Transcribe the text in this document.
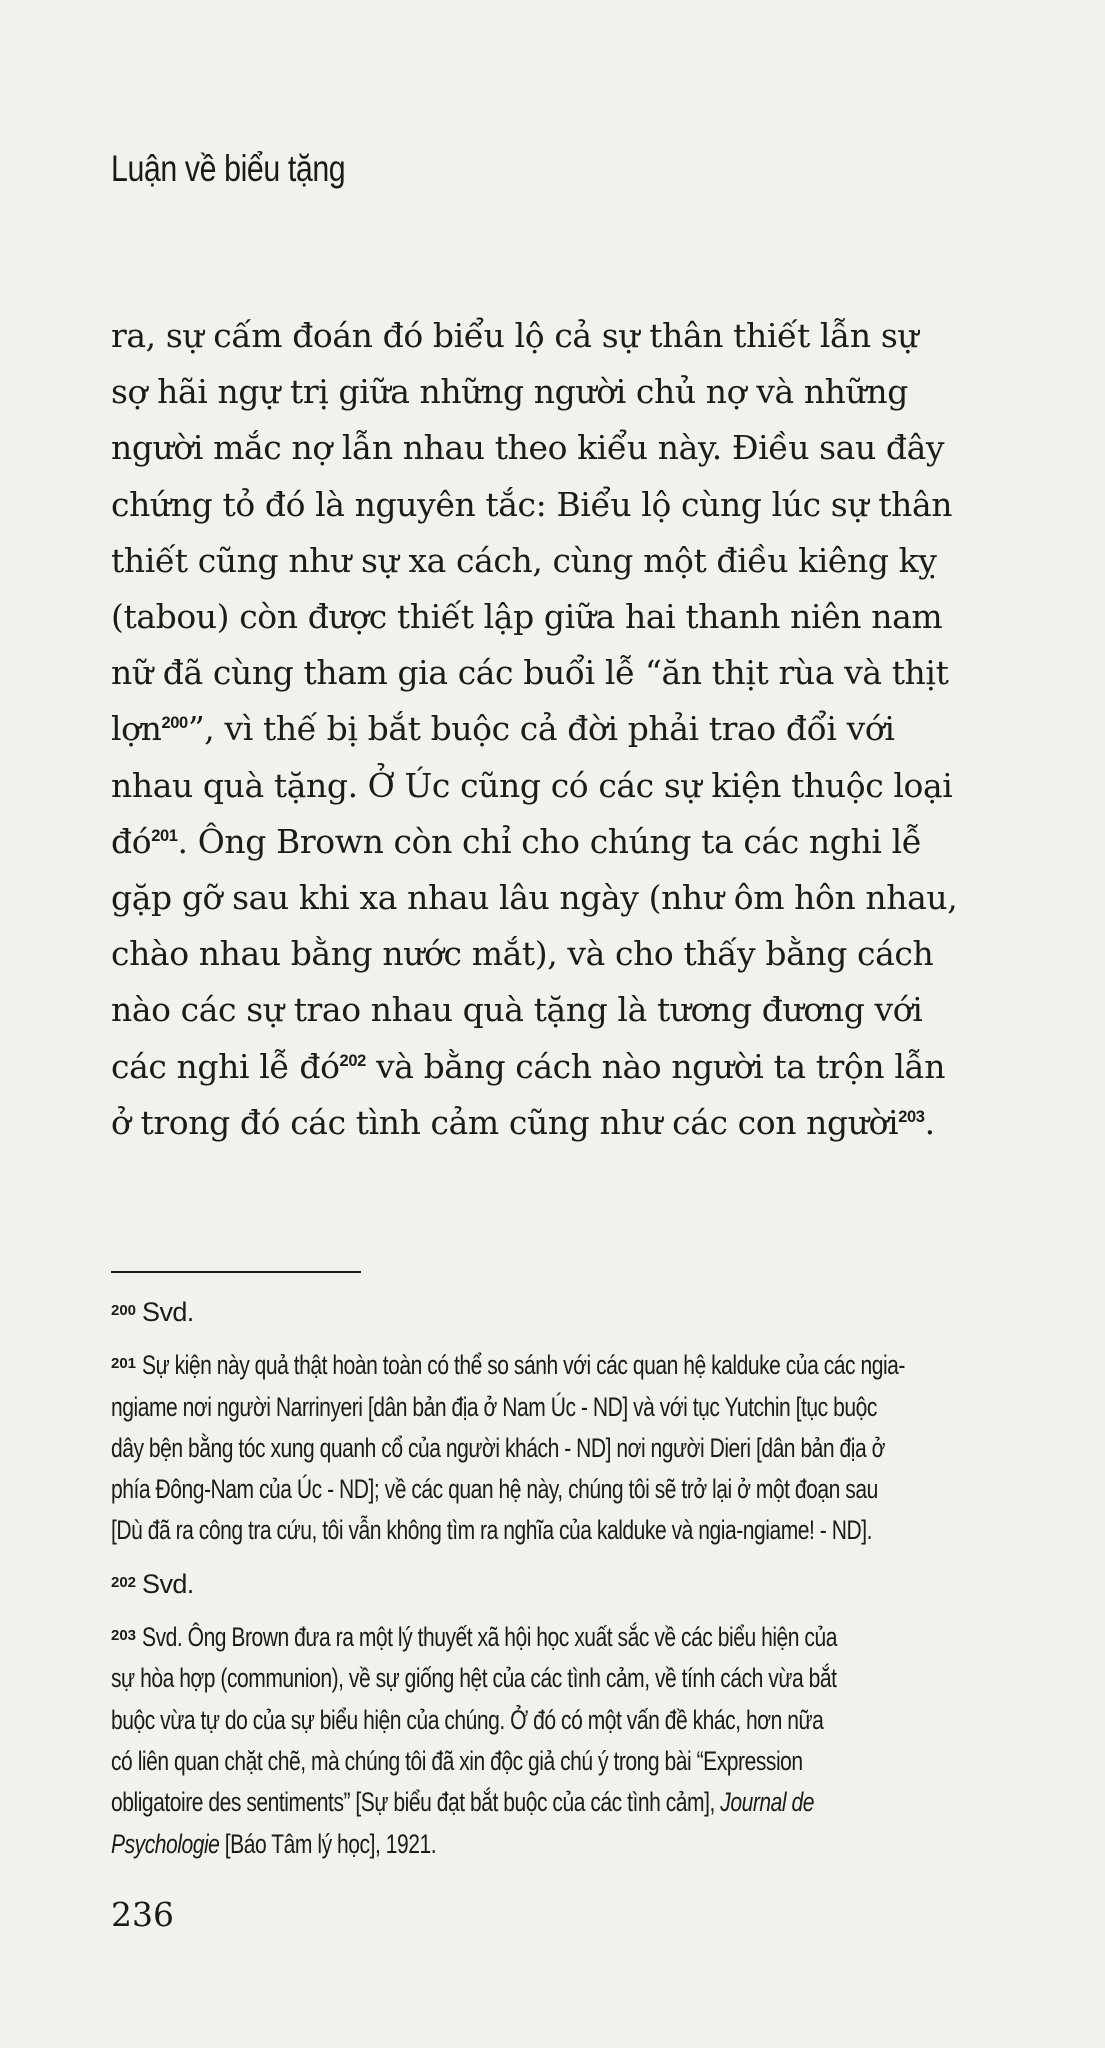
Luận về biểu tặng
ra, sự cấm đoán đó biểu lộ cả sự thân thiết lẫn sự
sợ hãi ngự trị giữa những người chủ nợ và những
người mắc nợ lẫn nhau theo kiểu này. Điều sau đây
chứng tỏ đó là nguyên tắc: Biểu lộ cùng lúc sự thân
thiết cũng như sự xa cách, cùng một điều kiêng kỵ
(tabou) còn được thiết lập giữa hai thanh niên nam
nữ đã cùng tham gia các buổi lễ “ăn thịt rùa và thịt
lợn$^{200}$”, vì thế bị bắt buộc cả đời phải trao đổi với
nhau quà tặng. Ở Úc cũng có các sự kiện thuộc loại
$đó^{201}$. Ông Brown còn chỉ cho chúng ta các nghi lễ
gặp gỡ sau khi xa nhau lâu ngày (như ôm hôn nhau,
chào nhau bằng nước mắt), và cho thấy bằng cách
nào các sự trao nhau quà tặng là tương đương với
các nghi lễ $đó^{202}$ và bằng cách nào người ta trộn lẫn
ở trong đó các tình cảm cũng như các con người$^{203}$.
$^{200}$ Svd.
$^{201}$ Sự kiện này quả thật hoàn toàn có thể so sánh với các quan hệ kalduke của các ngia-
ngiame nơi người Narrinyeri [dân bản địa ở Nam Úc - ND] và với tục Yutchin [tục buộc
dây bện bằng tóc xung quanh cổ của người khách - ND] nơi người Dieri [dân bản địa ở
phía Đông-Nam của Úc - ND]; về các quan hệ này, chúng tôi sẽ trở lại ở một đoạn sau
[Dù đã ra công tra cứu, tôi vẫn không tìm ra nghĩa của kalduke và ngia-ngiame! - ND].
$^{202}$ Svd.
$^{203}$ Svd. Ông Brown đưa ra một lý thuyết xã hội học xuất sắc về các biểu hiện của
sự hòa hợp (communion), về sự giống hệt của các tình cảm, về tính cách vừa bắt
buộc vừa tự do của sự biểu hiện của chúng. Ở đó có một vấn đề khác, hơn nữa
có liên quan chặt chẽ, mà chúng tôi đã xin độc giả chú ý trong bài “Expression
obligatoire des sentiments” [Sự biểu đạt bắt buộc của các tình cảm], Journal de
Psychologie [Báo Tâm lý học], 1921.
236
